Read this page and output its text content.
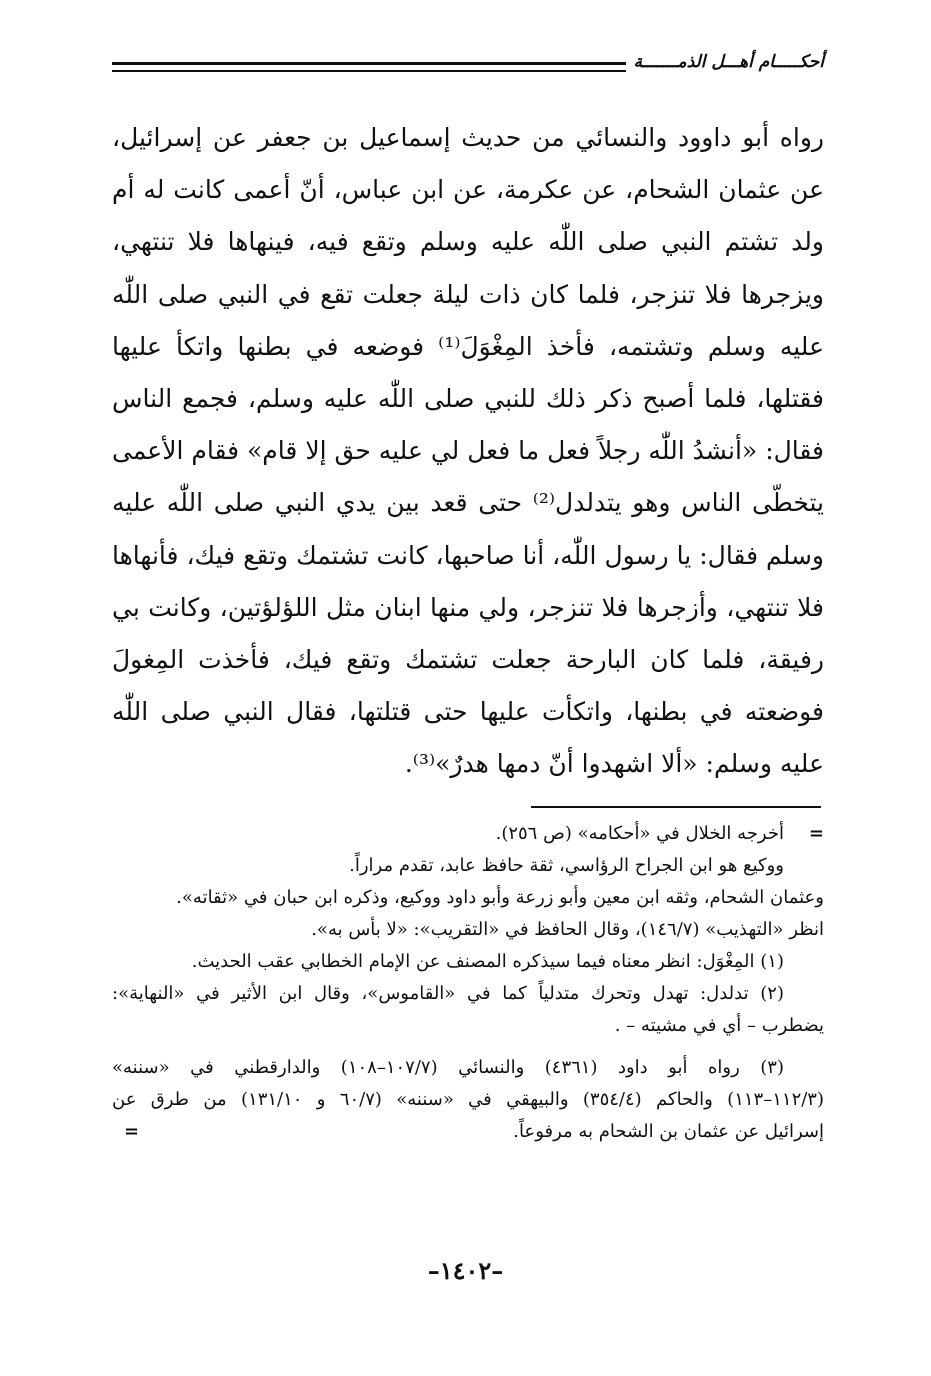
أحكـــــام أهـــل الذمـــــــة

رواه أبو داوود والنسائي من حديث إسماعيل بن جعفر عن إسرائيل، عن عثمان الشحام، عن عكرمة، عن ابن عباس، أنّ أعمى كانت له أم ولد تشتم النبي صلى اللّٰه عليه وسلم وتقع فيه، فينهاها فلا تنتهي، ويزجرها فلا تنزجر، فلما كان ذات ليلة جعلت تقع في النبي صلى اللّٰه عليه وسلم وتشتمه، فأخذ المِغْوَلَ⁽¹⁾ فوضعه في بطنها واتكأ عليها فقتلها، فلما أصبح ذكر ذلك للنبي صلى اللّٰه عليه وسلم، فجمع الناس فقال: «أنشدُ اللّٰه رجلاً فعل ما فعل لي عليه حق إلا قام» فقام الأعمى يتخطّى الناس وهو يتدلدل⁽²⁾ حتى قعد بين يدي النبي صلى اللّٰه عليه وسلم فقال: يا رسول اللّٰه، أنا صاحبها، كانت تشتمك وتقع فيك، فأنهاها فلا تنتهي، وأزجرها فلا تنزجر، ولي منها ابنان مثل اللؤلؤتين، وكانت بي رفيقة، فلما كان البارحة جعلت تشتمك وتقع فيك، فأخذت المِغولَ فوضعته في بطنها، واتكأت عليها حتى قتلتها، فقال النبي صلى اللّٰه عليه وسلم: «ألا اشهدوا أنّ دمها هدرٌ»⁽³⁾.

=
أخرجه الخلال في «أحكامه» (ص ٢٥٦).
ووكيع هو ابن الجراح الرؤاسي، ثقة حافظ عابد، تقدم مراراً.
وعثمان الشحام، وثقه ابن معين وأبو زرعة وأبو داود ووكيع، وذكره ابن حبان في «ثقاته».
انظر «التهذيب» (١٤٦/٧)، وقال الحافظ في «التقريب»: «لا بأس به».
(١) المِغْوَل: انظر معناه فيما سيذكره المصنف عن الإمام الخطابي عقب الحديث.
(٢) تدلدل: تهدل وتحرك متدلياً كما في «القاموس»، وقال ابن الأثير في «النهاية»:
يضطرب – أي في مشيته – .
(٣) رواه أبو داود (٤٣٦١) والنسائي (١٠٧/٧–١٠٨) والدارقطني في «سننه»
(١١٢/٣–١١٣) والحاكم (٣٥٤/٤) والبيهقي في «سننه» (٦٠/٧ و ١٣١/١٠) من طرق عن
إسرائيل عن عثمان بن الشحام به مرفوعاً.
=
–١٤٠٢–
